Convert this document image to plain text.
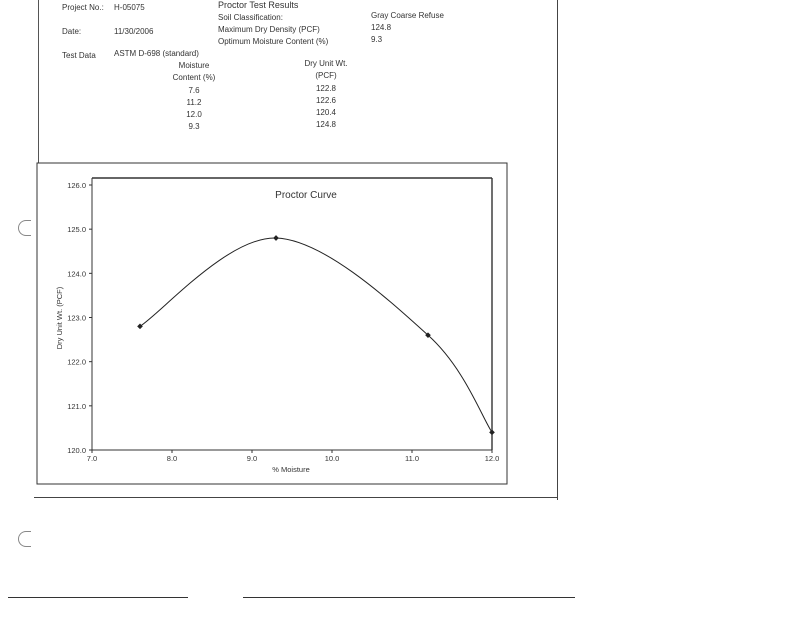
Project No.: H-05075
Date:	11/30/2006
Test Data ASTM D-698 (standard)
Proctor Test Results
Soil Classification:	Gray Coarse Refuse
Maximum Dry Density (PCF)	124.8
Optimum Moisture Content (%)	9.3
Moisture
Content (%)
Dry Unit Wt.
(PCF)
7.6	122.8
11.2	122.6
12.0	120.4
9.3	124.8
Proctor Curve
% Moisture
Dry Unit Wt. (PCF)
7.0	8.0	9.0	10.0	11.0	12.0
120.0
121.0
122.0
123.0
124.0
125.0
126.0
